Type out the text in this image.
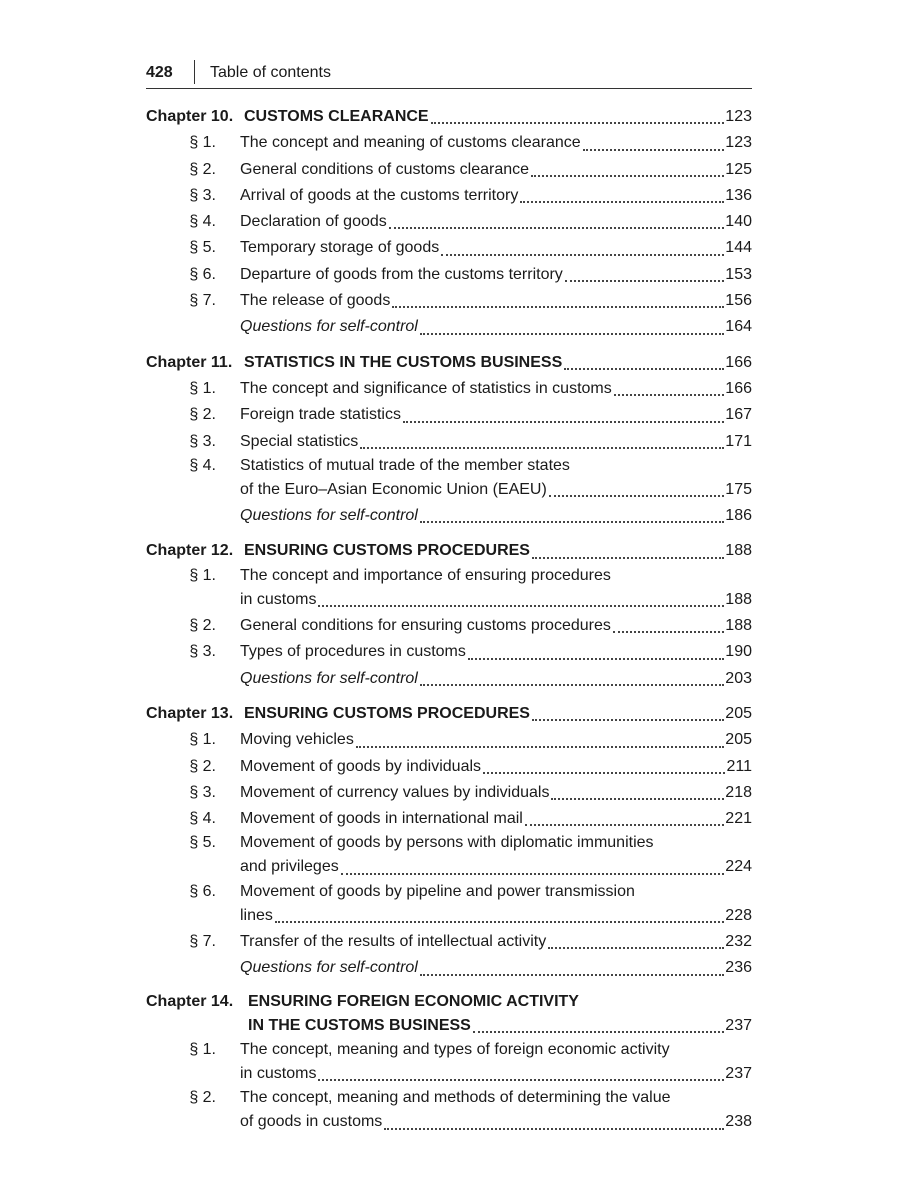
428 Table of contents
Chapter 10. CUSTOMS CLEARANCE	123
§ 1.	The concept and meaning of customs clearance	123
§ 2.	General conditions of customs clearance	125
§ 3.	Arrival of goods at the customs territory	136
§ 4.	Declaration of goods	140
§ 5.	Temporary storage of goods	144
§ 6.	Departure of goods from the customs territory	153
§ 7.	The release of goods	156
Questions for self-control	164
Chapter 11. STATISTICS IN THE CUSTOMS BUSINESS	166
§ 1.	The concept and significance of statistics in customs	166
§ 2.	Foreign trade statistics	167
§ 3.	Special statistics	171
§ 4.	Statistics of mutual trade of the member states
of the Euro–Asian Economic Union (EAEU)	175
Questions for self-control	186
Chapter 12. ENSURING CUSTOMS PROCEDURES	188
§ 1.	The concept and importance of ensuring procedures
in customs	188
§ 2.	General conditions for ensuring customs procedures	188
§ 3.	Types of procedures in customs	190
Questions for self-control	203
Chapter 13. ENSURING CUSTOMS PROCEDURES	205
§ 1.	Moving vehicles	205
§ 2.	Movement of goods by individuals	211
§ 3.	Movement of currency values by individuals	218
§ 4.	Movement of goods in international mail	221
§ 5.	Movement of goods by persons with diplomatic immunities
and privileges	224
§ 6.	Movement of goods by pipeline and power transmission
lines	228
§ 7.	Transfer of the results of intellectual activity	232
Questions for self-control	236
Chapter 14. ENSURING FOREIGN ECONOMIC ACTIVITY
IN THE CUSTOMS BUSINESS	237
§ 1.	The concept, meaning and types of foreign economic activity
in customs	237
§ 2.	The concept, meaning and methods of determining the value
of goods in customs	238
